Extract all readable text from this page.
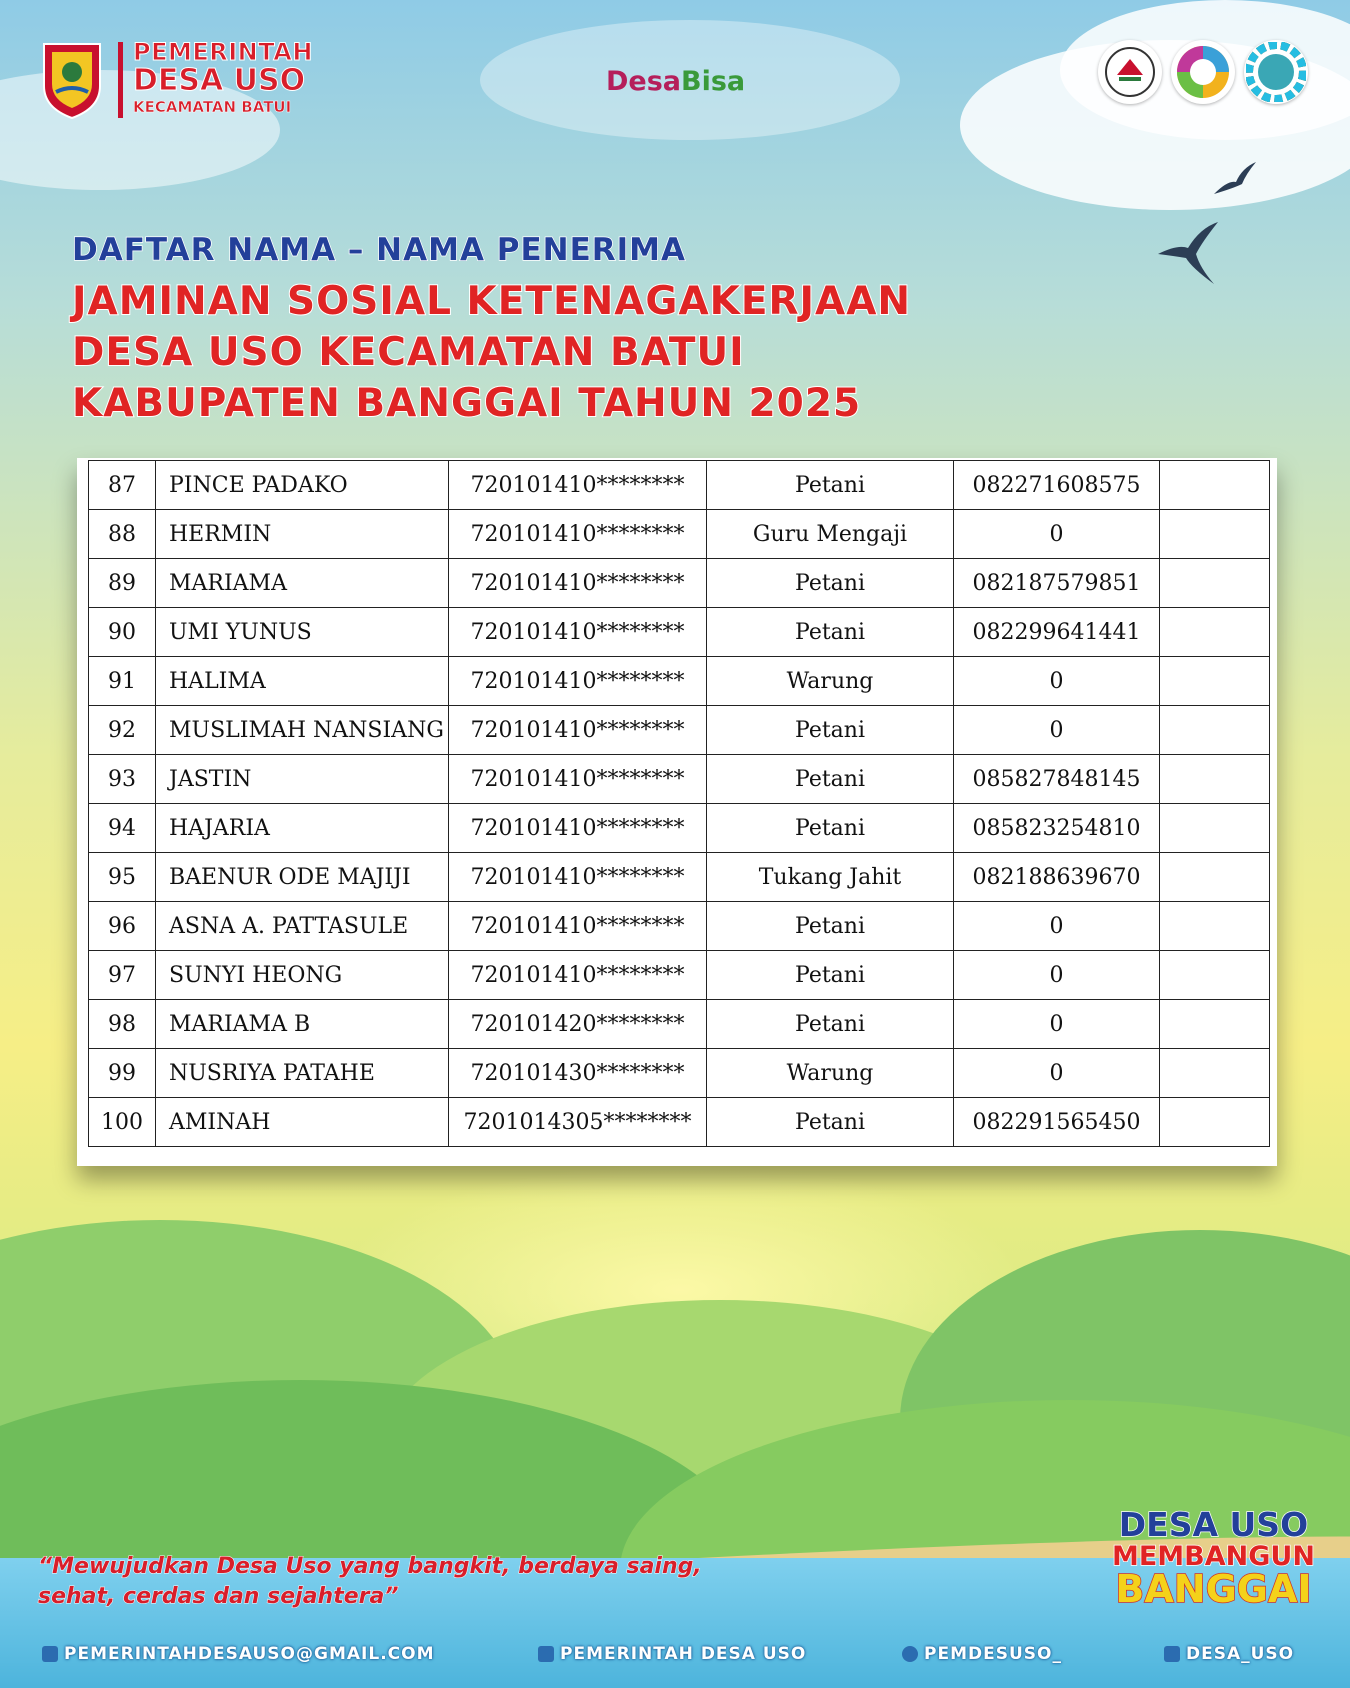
PEMERINTAH
DESA USO
KECAMATAN BATUI
DesaBisa
DAFTAR NAMA – NAMA PENERIMA
JAMINAN SOSIAL KETENAGAKERJAAN
DESA USO KECAMATAN BATUI
KABUPATEN BANGGAI TAHUN 2025
87	PINCE PADAKO	720101410********	Petani	082271608575	
88	HERMIN	720101410********	Guru Mengaji	0	
89	MARIAMA	720101410********	Petani	082187579851	
90	UMI YUNUS	720101410********	Petani	082299641441	
91	HALIMA	720101410********	Warung	0	
92	MUSLIMAH NANSIANG	720101410********	Petani	0	
93	JASTIN	720101410********	Petani	085827848145	
94	HAJARIA	720101410********	Petani	085823254810	
95	BAENUR ODE MAJIJI	720101410********	Tukang Jahit	082188639670	
96	ASNA A. PATTASULE	720101410********	Petani	0	
97	SUNYI HEONG	720101410********	Petani	0	
98	MARIAMA B	720101420********	Petani	0	
99	NUSRIYA PATAHE	720101430********	Warung	0	
100	AMINAH	7201014305********	Petani	082291565450	
“Mewujudkan Desa Uso yang bangkit, berdaya saing,
sehat, cerdas dan sejahtera”
DESA USO
MEMBANGUN
BANGGAI
PEMERINTAHDESAUSO@GMAIL.COM	PEMERINTAH DESA USO	PEMDESUSO_	DESA_USO
